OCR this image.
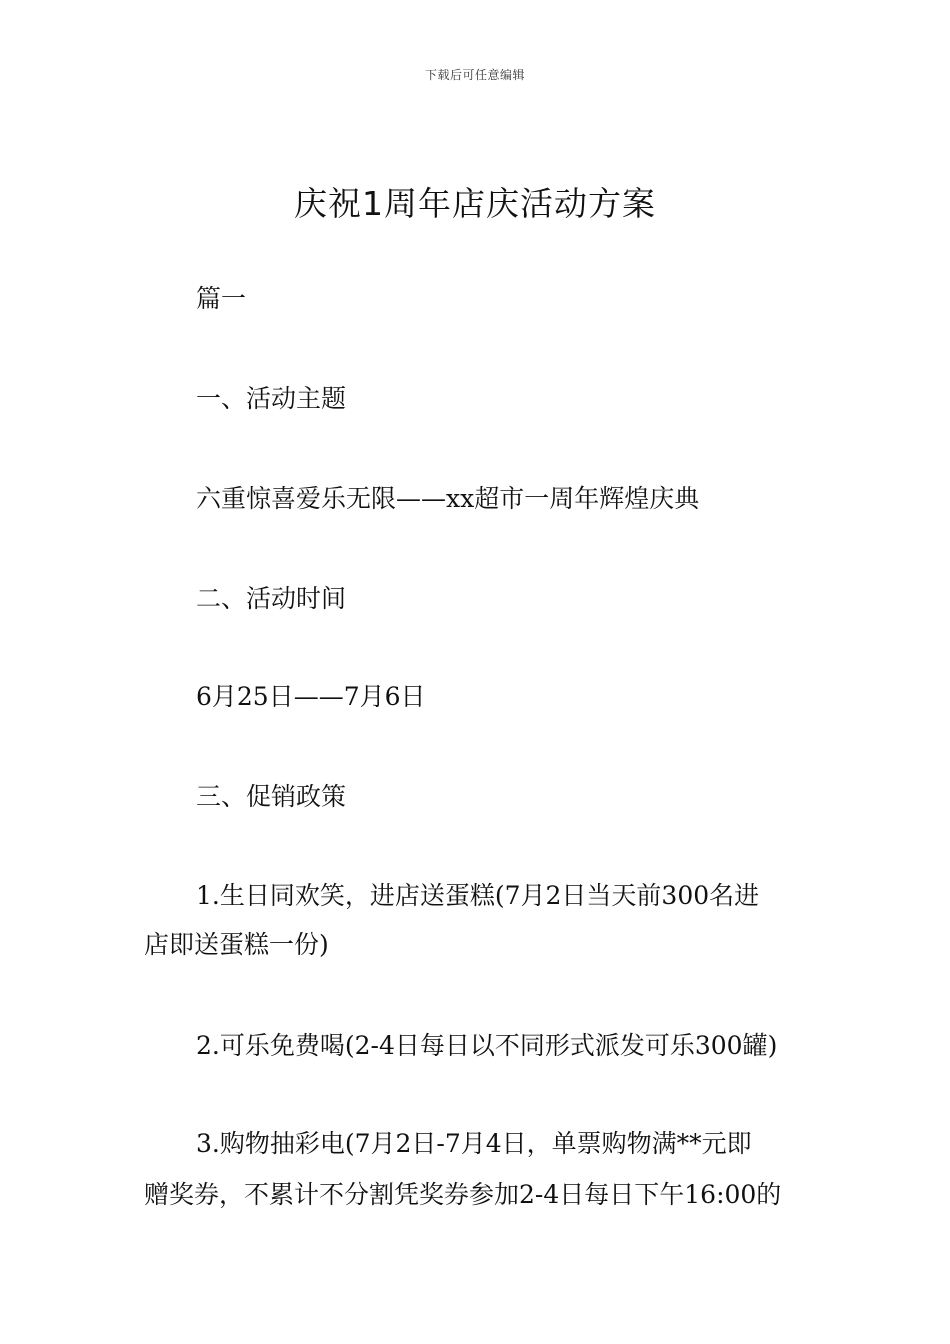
下载后可任意编辑
庆祝1周年店庆活动方案
篇一
一、活动主题
六重惊喜爱乐无限——xx超市一周年辉煌庆典
二、活动时间
6月25日——7月6日
三、促销政策
1.生日同欢笑，进店送蛋糕(7月2日当天前300名进
店即送蛋糕一份)
2.可乐免费喝(2-4日每日以不同形式派发可乐300罐)
3.购物抽彩电(7月2日-7月4日，单票购物满**元即
赠奖券，不累计不分割凭奖券参加2-4日每日下午16:00的
